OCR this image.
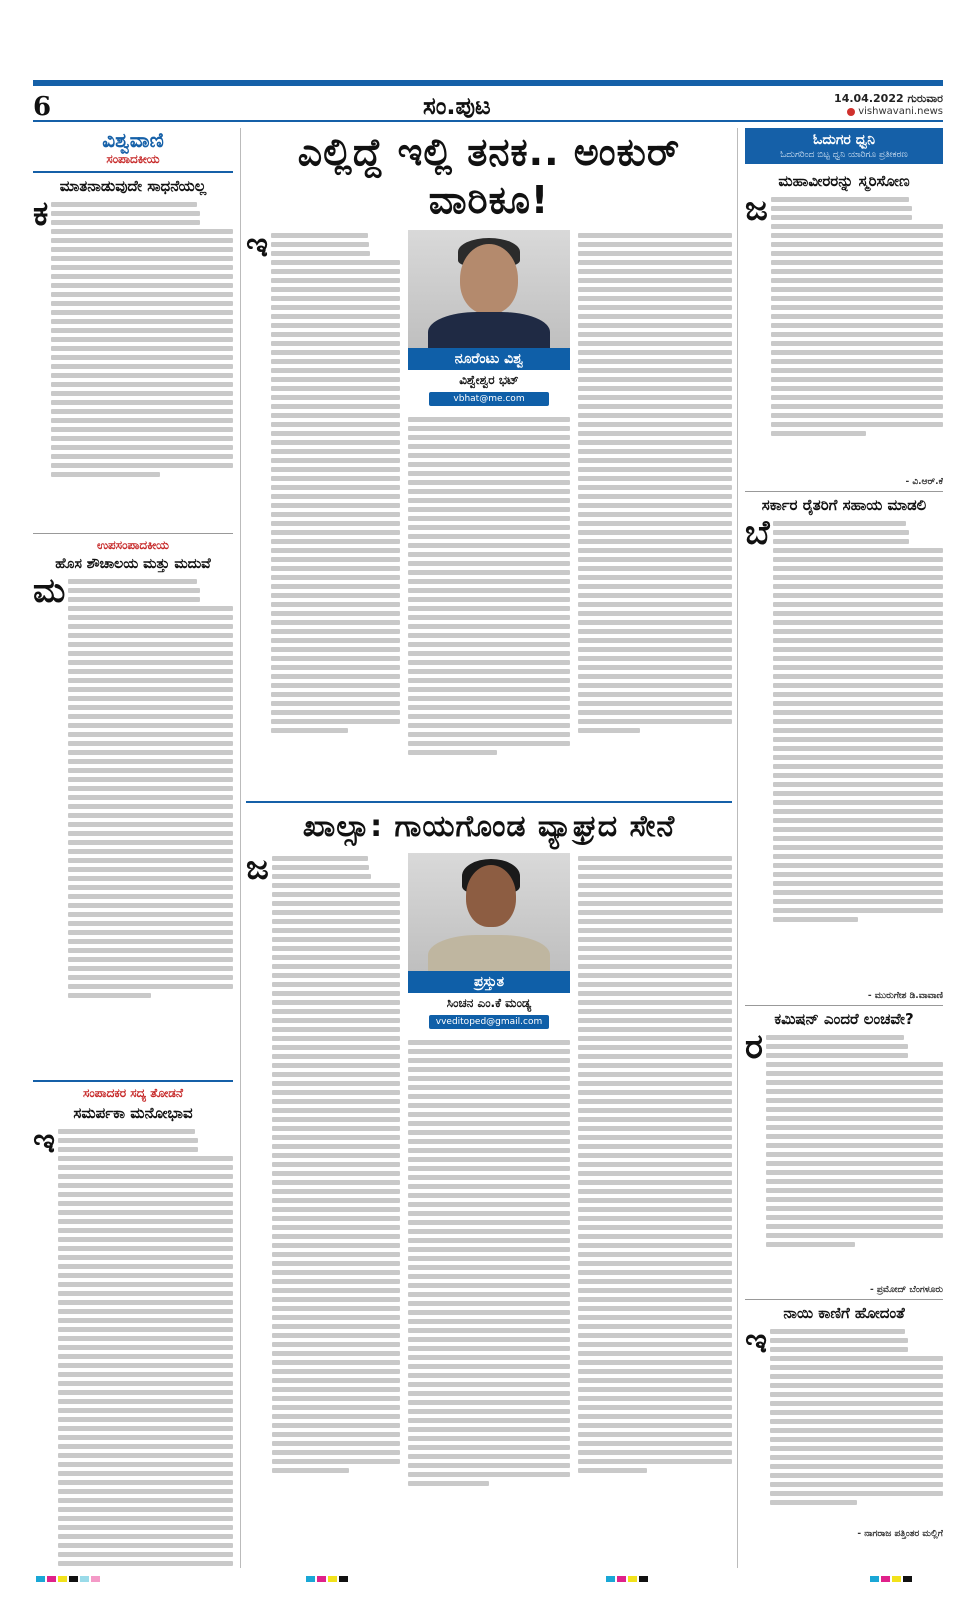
6	ಸಂ.ಪುಟ	14.04.2022 ಗುರುವಾರ
vishwavani.news
ವಿಶ್ವವಾಣಿ
ಸಂಪಾದಕೀಯ
ಮಾತನಾಡುವುದೇ ಸಾಧನೆಯಲ್ಲ
ಕ
ಉಪಸಂಪಾದಕೀಯ
ಹೊಸ ಶೌಚಾಲಯ ಮತ್ತು ಮದುವೆ
ಮ
ಸಂಪಾದಕರ ಸದ್ಯ ತೋಡನೆ
ಸಮರ್ಪಕಾ ಮನೋಭಾವ
ಇ
ಎಲ್ಲಿದ್ದೆ ಇಲ್ಲಿ ತನಕ.. ಅಂಕುರ್ ವಾರಿಕೂ!
ಇ
ನೂರೆಂಟು ವಿಶ್ವ
ವಿಶ್ವೇಶ್ವರ ಭಟ್
vbhat@me.com
ಖಾಲ್ಸಾ: ಗಾಯಗೊಂಡ ವ್ಯಾಘ್ರದ ಸೇನೆ
ಜ
ಪ್ರಸ್ತುತ
ಸಿಂಚನ ಎಂ.ಕೆ ಮಂಡ್ಯ
vvedit​oped@gmail.com
ಓದುಗರ ಧ್ವನಿ
ಓದುಗರಿಂದ ಬಿಟ್ಟ ಧ್ವನಿ ಯಾರಿಗೂ ಪ್ರತೀಕರಣ
ಮಹಾವೀರರನ್ನು ಸ್ಮರಿಸೋಣ
ಜ
- ವಿ.ಆರ್.ಕೆ
ಸರ್ಕಾರ ರೈತರಿಗೆ ಸಹಾಯ ಮಾಡಲಿ
ಬೆ
- ಮುರುಗೇಶ ಡಿ.ವಾವಾಣಿ
ಕಮಿಷನ್ ಎಂದರೆ ಲಂಚವೇ?
ರ
- ಪ್ರಮೋದ್ ಬೆಂಗಳೂರು
ನಾಯಿ ಕಾಣಿಗೆ ಹೋದಂತೆ
ಇ
- ನಾಗರಾಜ ಪತ್ತಿಂತರ ಮಲ್ಲಿಗೆ
